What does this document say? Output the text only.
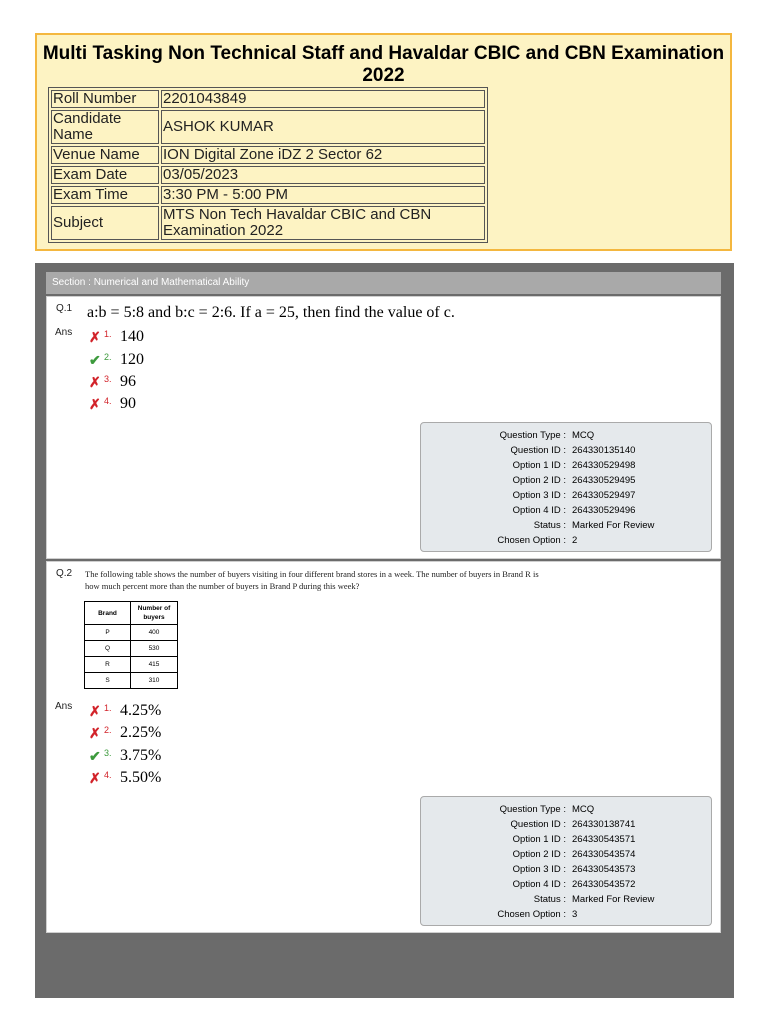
Multi Tasking Non Technical Staff and Havaldar CBIC and CBN Examination 2022
Roll Number	2201043849
Candidate Name	ASHOK KUMAR
Venue Name	ION Digital Zone iDZ 2 Sector 62
Exam Date	03/05/2023
Exam Time	3:30 PM - 5:00 PM
Subject	MTS Non Tech Havaldar CBIC and CBN Examination 2022
Section : Numerical and Mathematical Ability
Q.1 a:b = 5:8 and b:c = 2:6. If a = 25, then find the value of c.
Ans ✗ 1. 140
✔ 2. 120
✗ 3. 96
✗ 4. 90
Question Type : MCQ
Question ID : 264330135140
Option 1 ID : 264330529498
Option 2 ID : 264330529495
Option 3 ID : 264330529497
Option 4 ID : 264330529496
Status : Marked For Review
Chosen Option : 2
Q.2 The following table shows the number of buyers visiting in four different brand stores in a week. The number of buyers in Brand R is how much percent more than the number of buyers in Brand P during this week?
Brand	Number of buyers
P	400
Q	530
R	415
S	310
Ans ✗ 1. 4.25%
✗ 2. 2.25%
✔ 3. 3.75%
✗ 4. 5.50%
Question Type : MCQ
Question ID : 264330138741
Option 1 ID : 264330543571
Option 2 ID : 264330543574
Option 3 ID : 264330543573
Option 4 ID : 264330543572
Status : Marked For Review
Chosen Option : 3
